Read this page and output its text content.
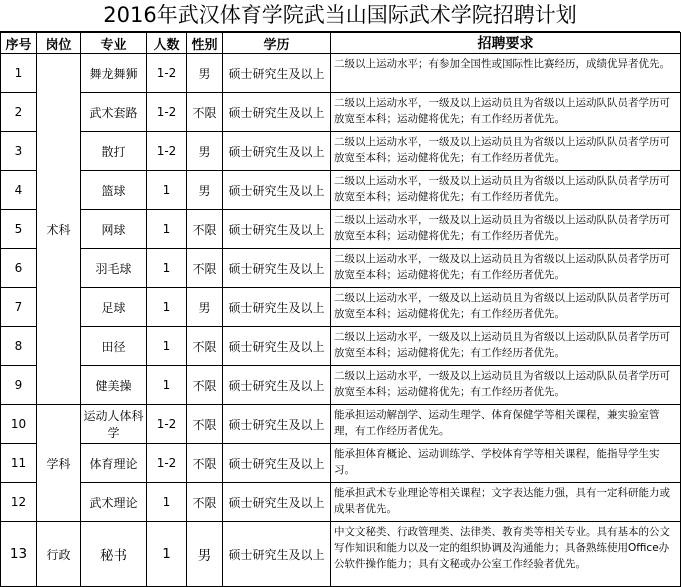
2016年武汉体育学院武当山国际武术学院招聘计划
序号	岗位	专业	人数	性别	学历	招聘要求
1	术科	舞龙舞狮	1-2	男	硕士研究生及以上	二级以上运动水平；有参加全国性或国际性比赛经历，成绩优异者优先。
2		武术套路	1-2	不限	硕士研究生及以上	二级以上运动水平，一级及以上运动员且为省级以上运动队队员者学历可放宽至本科；运动健将优先；有工作经历者优先。
3		散打	1-2	男	硕士研究生及以上	二级以上运动水平，一级及以上运动员且为省级以上运动队队员者学历可放宽至本科；运动健将优先；有工作经历者优先。
4		篮球	1	男	硕士研究生及以上	二级以上运动水平，一级及以上运动员且为省级以上运动队队员者学历可放宽至本科；运动健将优先；有工作经历者优先。
5		网球	1	不限	硕士研究生及以上	二级以上运动水平，一级及以上运动员且为省级以上运动队队员者学历可放宽至本科；运动健将优先；有工作经历者优先。
6		羽毛球	1	不限	硕士研究生及以上	二级以上运动水平，一级及以上运动员且为省级以上运动队队员者学历可放宽至本科；运动健将优先；有工作经历者优先。
7		足球	1	男	硕士研究生及以上	二级以上运动水平，一级及以上运动员且为省级以上运动队队员者学历可放宽至本科；运动健将优先；有工作经历者优先。
8		田径	1	不限	硕士研究生及以上	二级以上运动水平，一级及以上运动员且为省级以上运动队队员者学历可放宽至本科；运动健将优先；有工作经历者优先。
9		健美操	1	不限	硕士研究生及以上	二级以上运动水平，一级及以上运动员且为省级以上运动队队员者学历可放宽至本科；运动健将优先；有工作经历者优先。
10	学科	运动人体科学	1-2	不限	硕士研究生及以上	能承担运动解剖学、运动生理学、体育保健学等相关课程，兼实验室管理，有工作经历者优先。
11		体育理论	1-2	不限	硕士研究生及以上	能承担体育概论、运动训练学、学校体育学等相关课程，能指导学生实习。
12		武术理论	1	不限	硕士研究生及以上	能承担武术专业理论等相关课程；文字表达能力强，具有一定科研能力或成果者优先。
13	行政	秘书	1	男	硕士研究生及以上	中文文秘类、行政管理类、法律类、教育类等相关专业。具有基本的公文写作知识和能力以及一定的组织协调及沟通能力；具备熟练使用Office办公软件操作能力；具有文秘或办公室工作经验者优先。
